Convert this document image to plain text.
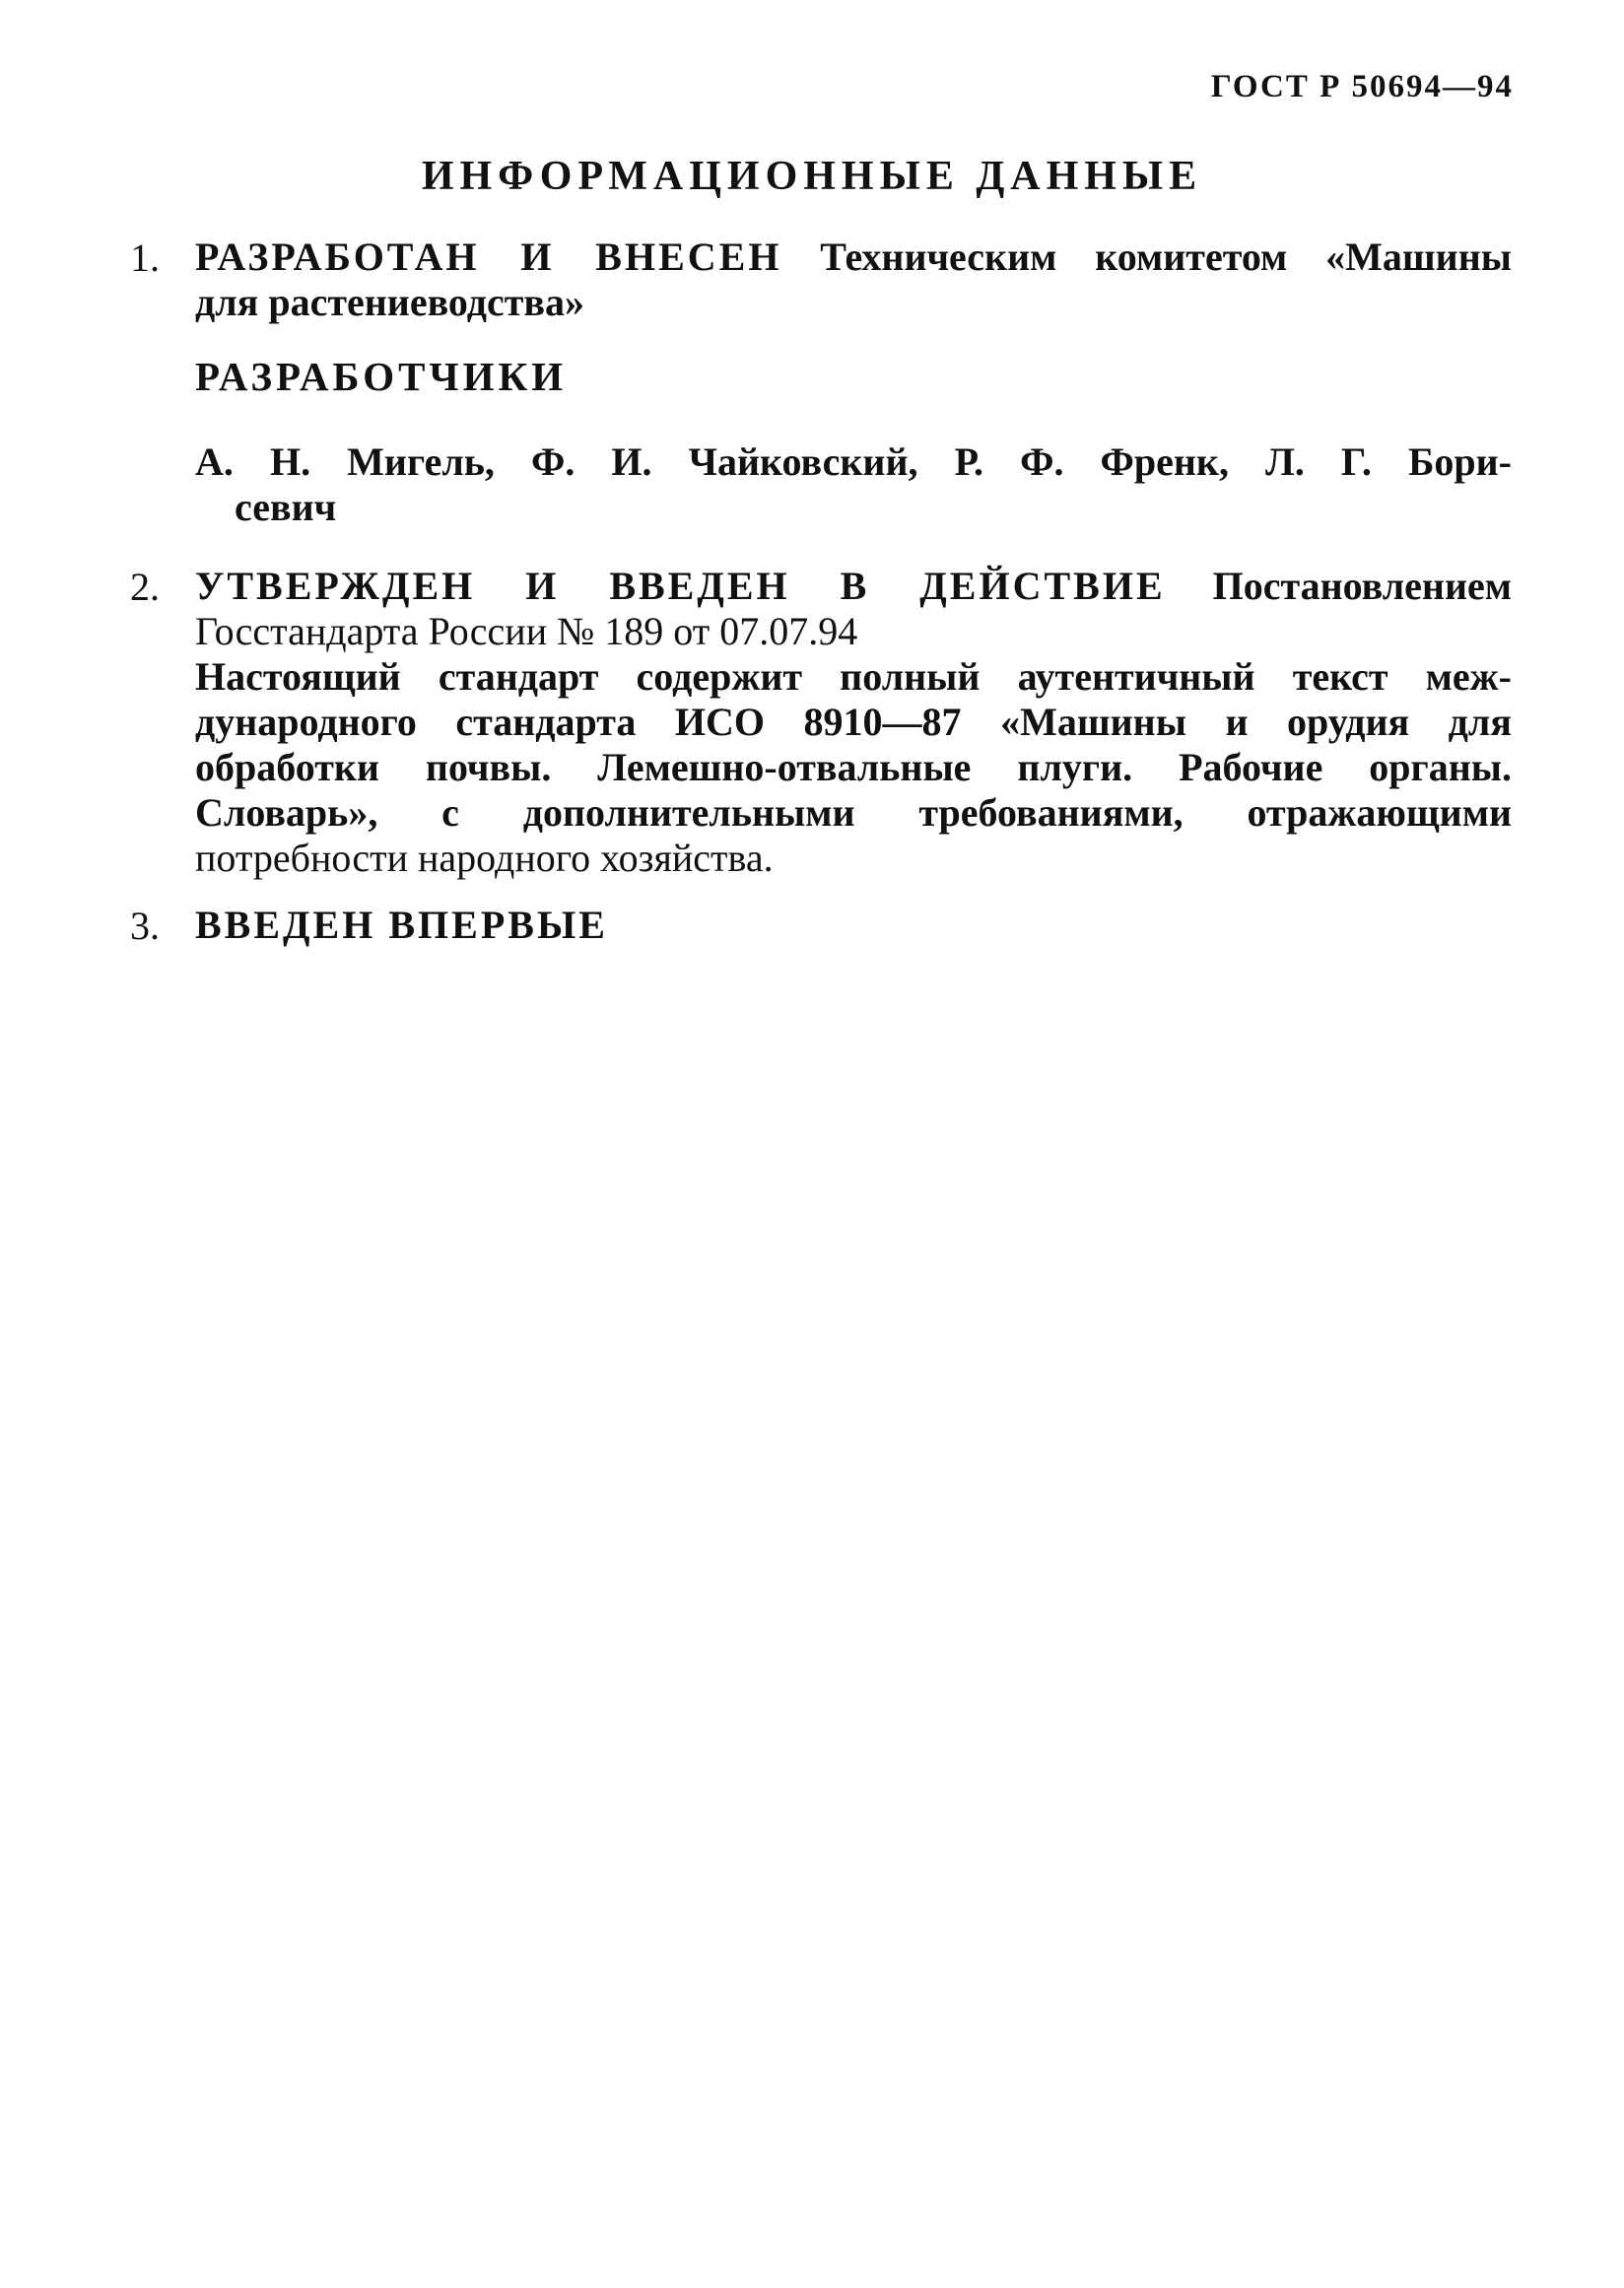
ГОСТ Р 50694—94
ИНФОРМАЦИОННЫЕ ДАННЫЕ
1. РАЗРАБОТАН И ВНЕСЕН Техническим комитетом «Машины
для растениеводства»
РАЗРАБОТЧИКИ
А. Н. Мигель, Ф. И. Чайковский, Р. Ф. Френк, Л. Г. Бори-
севич
2. УТВЕРЖДЕН И ВВЕДЕН В ДЕЙСТВИЕ Постановлением
Госстандарта России № 189 от 07.07.94
Настоящий стандарт содержит полный аутентичный текст меж-
дународного стандарта ИСО 8910—87 «Машины и орудия для
обработки почвы. Лемешно-отвальные плуги. Рабочие органы.
Словарь», с дополнительными требованиями, отражающими
потребности народного хозяйства.
3. ВВЕДЕН ВПЕРВЫЕ
